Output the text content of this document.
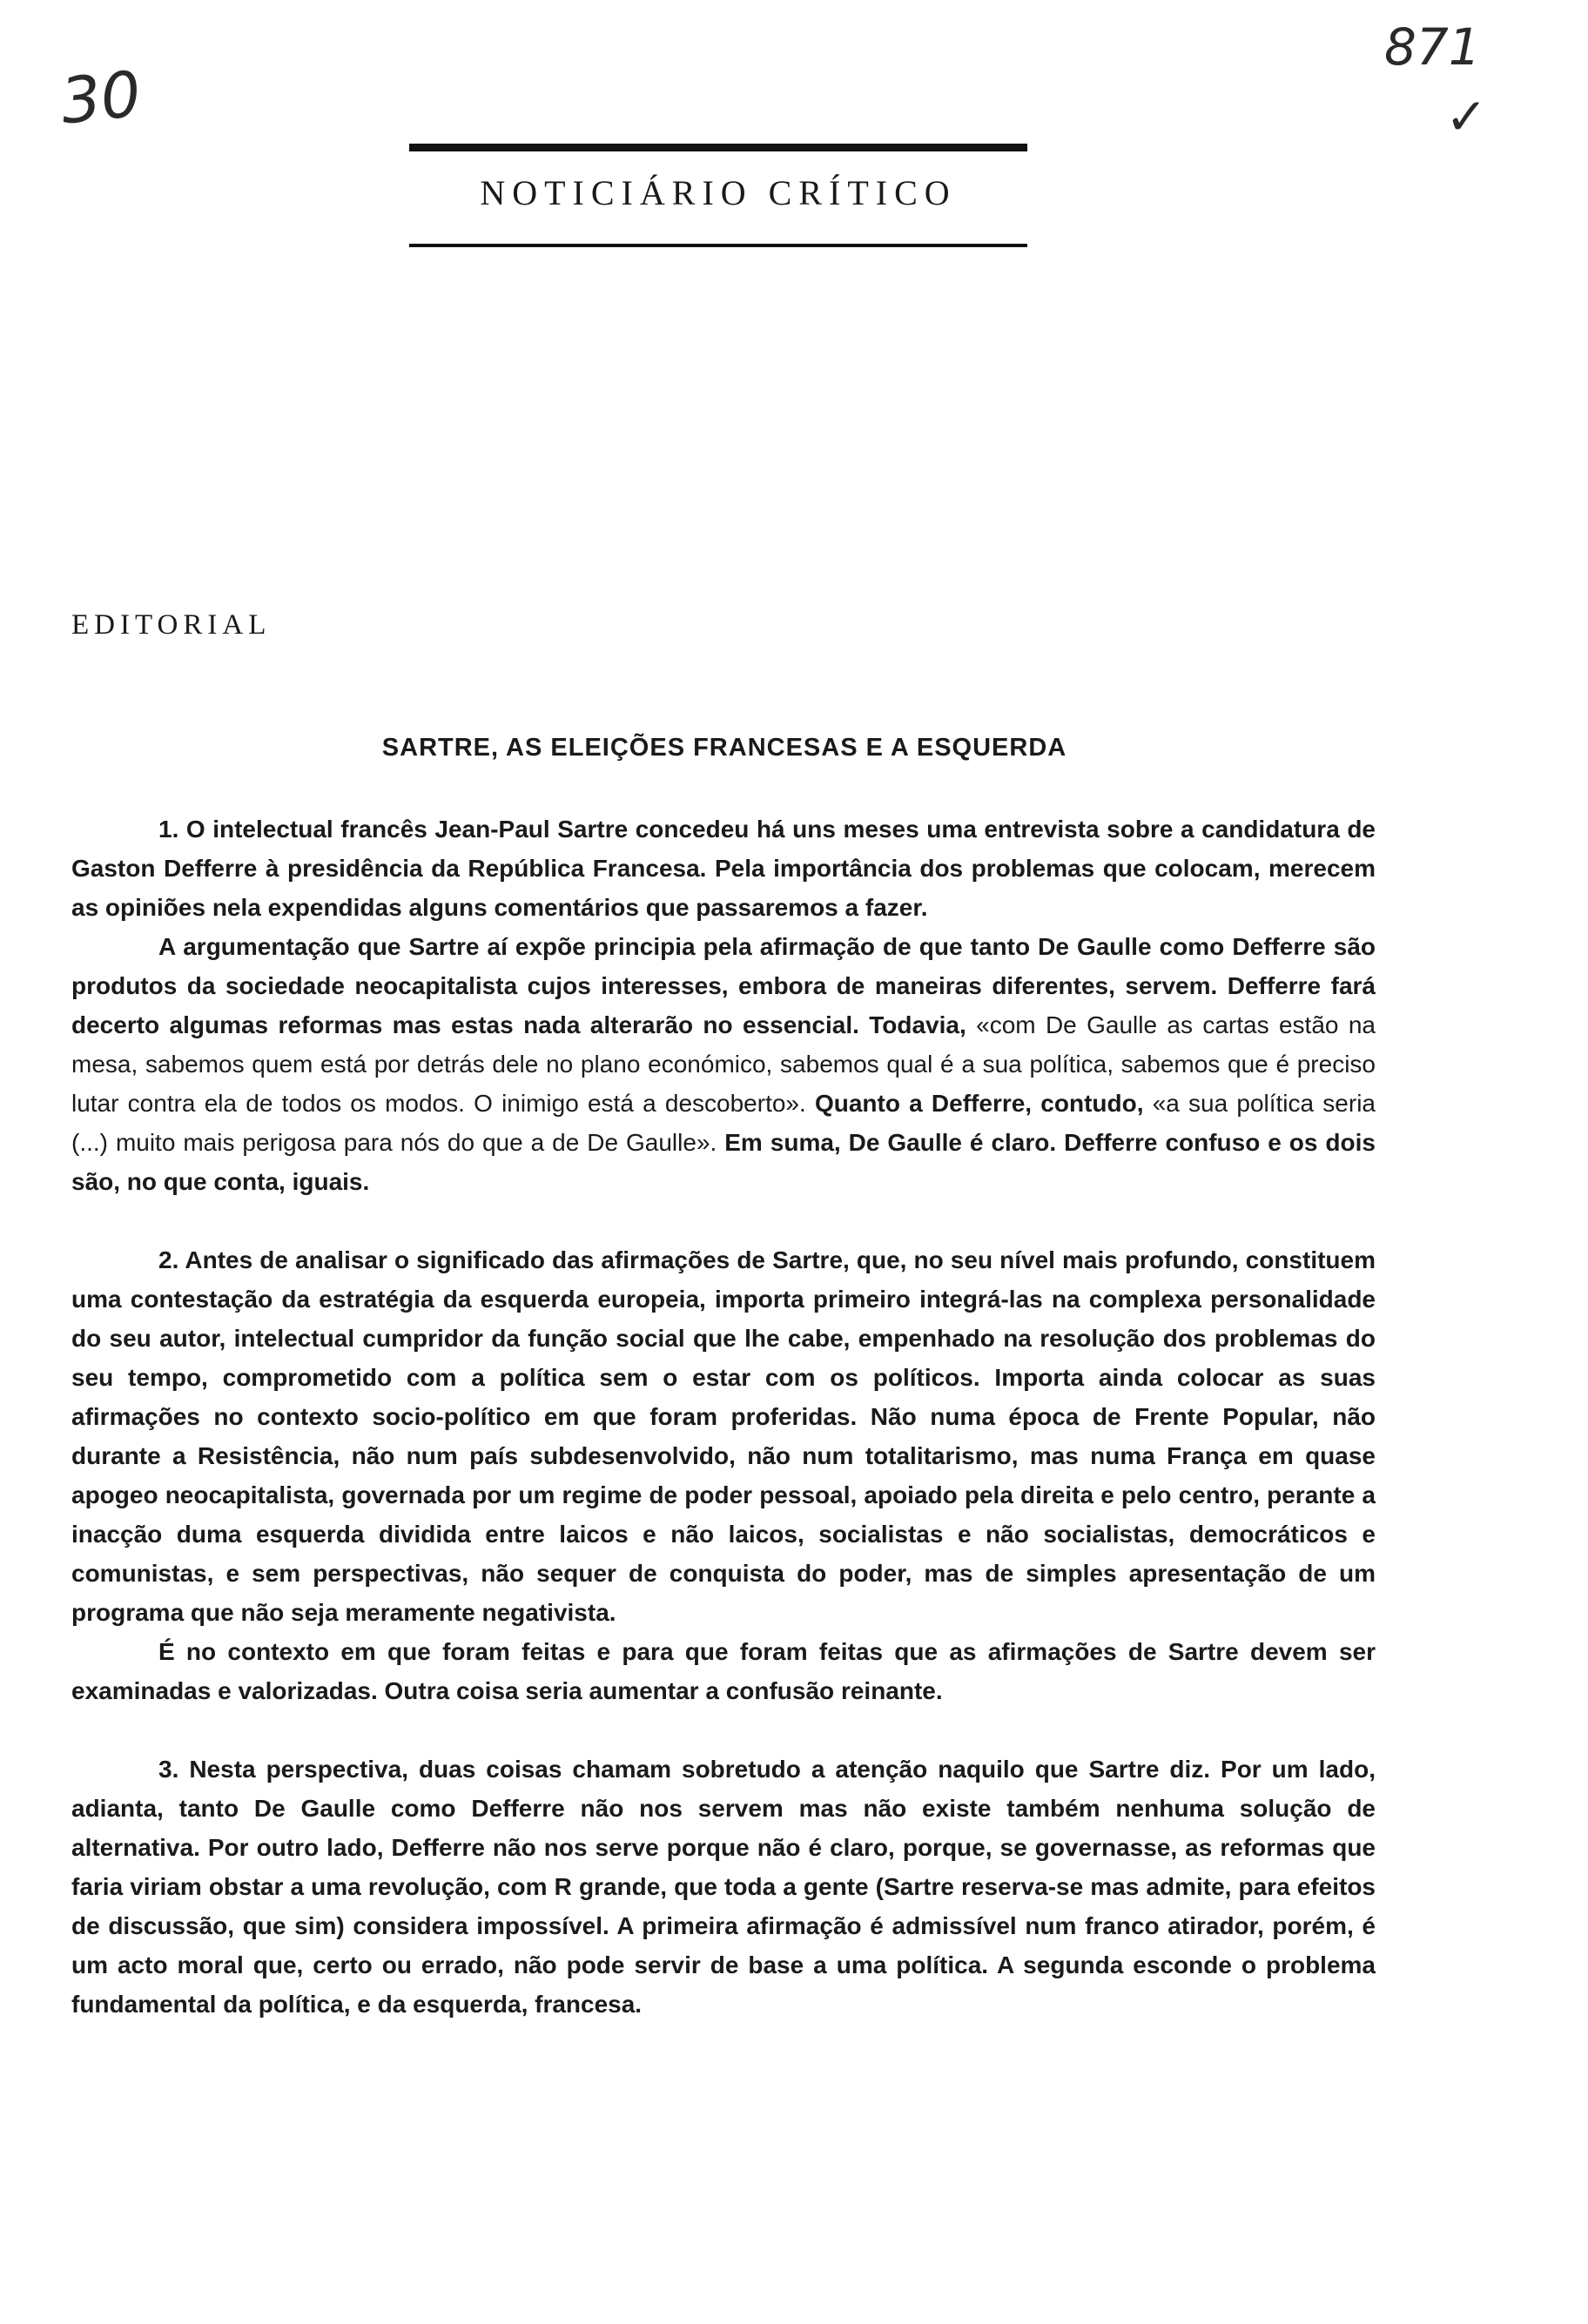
30
871
✓
NOTICIÁRIO CRÍTICO
EDITORIAL
SARTRE, AS ELEIÇÕES FRANCESAS E A ESQUERDA

1. O intelectual francês Jean-Paul Sartre concedeu há uns meses uma entrevista sobre a candidatura de Gaston Defferre à presidência da República Francesa. Pela importância dos problemas que colocam, merecem as opiniões nela expendidas alguns comentários que passaremos a fazer.

A argumentação que Sartre aí expõe principia pela afirmação de que tanto De Gaulle como Defferre são produtos da sociedade neocapitalista cujos interesses, embora de maneiras diferentes, servem. Defferre fará decerto algumas reformas mas estas nada alterarão no essencial. Todavia, «com De Gaulle as cartas estão na mesa, sabemos quem está por detrás dele no plano económico, sabemos qual é a sua política, sabemos que é preciso lutar contra ela de todos os modos. O inimigo está a descoberto». Quanto a Defferre, contudo, «a sua política seria (...) muito mais perigosa para nós do que a de De Gaulle». Em suma, De Gaulle é claro. Defferre confuso e os dois são, no que conta, iguais.

2. Antes de analisar o significado das afirmações de Sartre, que, no seu nível mais profundo, constituem uma contestação da estratégia da esquerda europeia, importa primeiro integrá-las na complexa personalidade do seu autor, intelectual cumpridor da função social que lhe cabe, empenhado na resolução dos problemas do seu tempo, comprometido com a política sem o estar com os políticos. Importa ainda colocar as suas afirmações no contexto socio-político em que foram proferidas. Não numa época de Frente Popular, não durante a Resistência, não num país subdesenvolvido, não num totalitarismo, mas numa França em quase apogeo neocapitalista, governada por um regime de poder pessoal, apoiado pela direita e pelo centro, perante a inacção duma esquerda dividida entre laicos e não laicos, socialistas e não socialistas, democráticos e comunistas, e sem perspectivas, não sequer de conquista do poder, mas de simples apresentação de um programa que não seja meramente negativista.

É no contexto em que foram feitas e para que foram feitas que as afirmações de Sartre devem ser examinadas e valorizadas. Outra coisa seria aumentar a confusão reinante.

3. Nesta perspectiva, duas coisas chamam sobretudo a atenção naquilo que Sartre diz. Por um lado, adianta, tanto De Gaulle como Defferre não nos servem mas não existe também nenhuma solução de alternativa. Por outro lado, Defferre não nos serve porque não é claro, porque, se governasse, as reformas que faria viriam obstar a uma revolução, com R grande, que toda a gente (Sartre reserva-se mas admite, para efeitos de discussão, que sim) considera impossível. A primeira afirmação é admissível num franco atirador, porém, é um acto moral que, certo ou errado, não pode servir de base a uma política. A segunda esconde o problema fundamental da política, e da esquerda, francesa.
